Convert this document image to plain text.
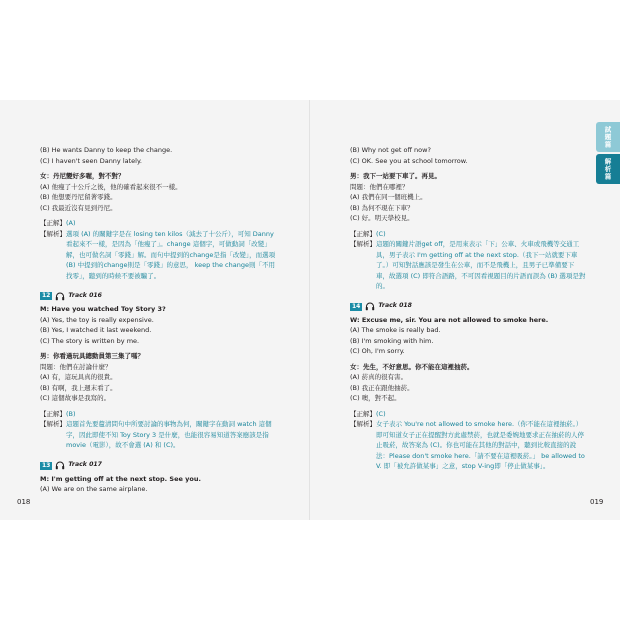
試題篇
解析篇
(B) He wants Danny to keep the change.
(C) I haven't seen Danny lately.
女：丹尼變好多喔，對不對？
(A) 他瘦了十公斤之後，他的確看起來很不一樣。
(B) 他想要丹尼留著零錢。
(C) 我最近沒有見到丹尼。
【正解】 (A)
【解析】 選項 (A) 的關鍵字是在 losing ten kilos（減去了十公斤），可知 Danny 看起來不一樣，是因為「他瘦了」。change 這個字，可做動詞「改變」解，也可做名詞「零錢」解。而句中提到的change是指「改變」，而選項 (B) 中提到的change則是「零錢」的意思， keep the change則「不用找零」，聽到的時候不要被騙了。
12	Track 016
M: Have you watched Toy Story 3?
(A) Yes, the toy is really expensive.
(B) Yes, I watched it last weekend.
(C) The story is written by me.
男：你看過玩具總動員第三集了嗎？
問題：他們在討論什麼？
(A) 有，這玩具真的很貴。
(B) 有啊，我上週末看了。
(C) 這個故事是我寫的。
【正解】 (B)
【解析】 這題首先要釐清問句中所要討論的事物為何，關鍵字在動詞 watch 這個字，因此即使不知 Toy Story 3 是什麼，也能很容易知道答案應該是指 movie（電影），故不會選 (A) 和 (C)。
13	Track 017
M: I'm getting off at the next stop. See you.
(A) We are on the same airplane.
018
(B) Why not get off now?
(C) OK. See you at school tomorrow.
男：我下一站要下車了。再見。
問題：他們在哪裡？
(A) 我們在同一個班機上。
(B) 為何不現在下車？
(C) 好。明天學校見。
【正解】 (C)
【解析】 這題的關鍵片語get off，是用來表示「下」公車、火車或飛機等交通工具，男子表示 I'm getting off at the next stop.（我下一站就要下車了。）可知對話應該是發生在公車，而不是飛機上，且男子已準備要下車，故選項 (C) 即符合語路，不可因看視題目的片語而誤為 (B) 選項是對的。
14	Track 018
W: Excuse me, sir. You are not allowed to smoke here.
(A) The smoke is really bad.
(B) I'm smoking with him.
(C) Oh, I'm sorry.
女：先生，不好意思。你不能在這裡抽菸。
(A) 菸真的很有害。
(B) 我正在跟他抽菸。
(C) 噢，對不起。
【正解】 (C)
【解析】 女子表示 You're not allowed to smoke here.（你不能在這裡抽菸。）即可知道女子正在提醒對方此處禁菸，也就是委婉地要求正在抽菸的人停止吸菸，故答案為 (C)。你也可能在其他的對話中，聽到比較直接的說法：Please don't smoke here.「請不要在這裡吸菸。」 be allowed to V. 即「被允許做某事」之意，stop V-ing即「停止做某事」。
019
